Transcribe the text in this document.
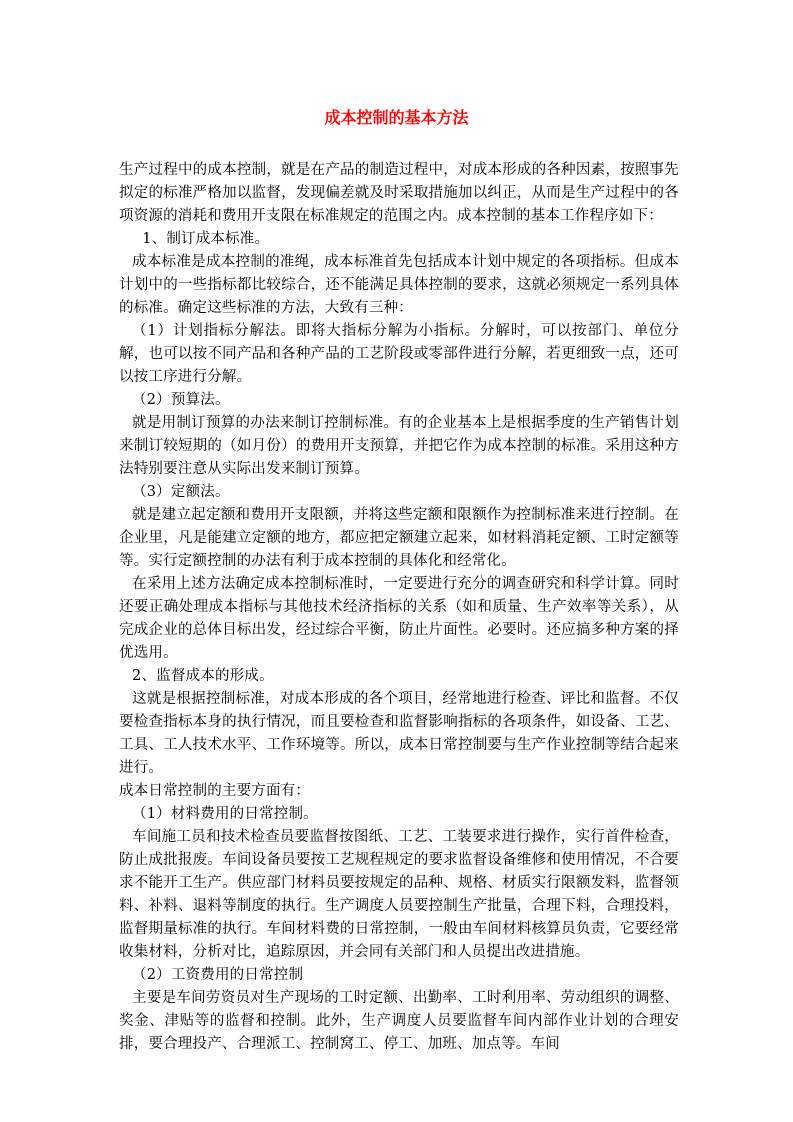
成本控制的基本方法

生产过程中的成本控制，就是在产品的制造过程中，对成本形成的各种因素，按照事先拟定的标准严格加以监督，发现偏差就及时采取措施加以纠正，从而是生产过程中的各项资源的消耗和费用开支限在标准规定的范围之内。成本控制的基本工作程序如下：

1、制订成本标准。

成本标准是成本控制的准绳，成本标准首先包括成本计划中规定的各项指标。但成本计划中的一些指标都比较综合，还不能满足具体控制的要求，这就必须规定一系列具体的标准。确定这些标准的方法，大致有三种：

（1）计划指标分解法。即将大指标分解为小指标。分解时，可以按部门、单位分解，也可以按不同产品和各种产品的工艺阶段或零部件进行分解，若更细致一点，还可以按工序进行分解。

（2）预算法。

就是用制订预算的办法来制订控制标准。有的企业基本上是根据季度的生产销售计划来制订较短期的（如月份）的费用开支预算，并把它作为成本控制的标准。采用这种方法特别要注意从实际出发来制订预算。

（3）定额法。

就是建立起定额和费用开支限额，并将这些定额和限额作为控制标准来进行控制。在企业里，凡是能建立定额的地方，都应把定额建立起来，如材料消耗定额、工时定额等等。实行定额控制的办法有利于成本控制的具体化和经常化。

在采用上述方法确定成本控制标准时，一定要进行充分的调查研究和科学计算。同时还要正确处理成本指标与其他技术经济指标的关系（如和质量、生产效率等关系），从完成企业的总体目标出发，经过综合平衡，防止片面性。必要时。还应搞多种方案的择优选用。

2、监督成本的形成。

这就是根据控制标准，对成本形成的各个项目，经常地进行检查、评比和监督。不仅要检查指标本身的执行情况，而且要检查和监督影响指标的各项条件，如设备、工艺、工具、工人技术水平、工作环境等。所以，成本日常控制要与生产作业控制等结合起来进行。

成本日常控制的主要方面有：

（1）材料费用的日常控制。

车间施工员和技术检查员要监督按图纸、工艺、工装要求进行操作，实行首件检查，防止成批报废。车间设备员要按工艺规程规定的要求监督设备维修和使用情况，不合要求不能开工生产。供应部门材料员要按规定的品种、规格、材质实行限额发料，监督领料、补料、退料等制度的执行。生产调度人员要控制生产批量，合理下料，合理投料，监督期量标准的执行。车间材料费的日常控制，一般由车间材料核算员负责，它要经常收集材料，分析对比，追踪原因，并会同有关部门和人员提出改进措施。

（2）工资费用的日常控制

主要是车间劳资员对生产现场的工时定额、出勤率、工时利用率、劳动组织的调整、奖金、津贴等的监督和控制。此外，生产调度人员要监督车间内部作业计划的合理安排，要合理投产、合理派工、控制窝工、停工、加班、加点等。车间
